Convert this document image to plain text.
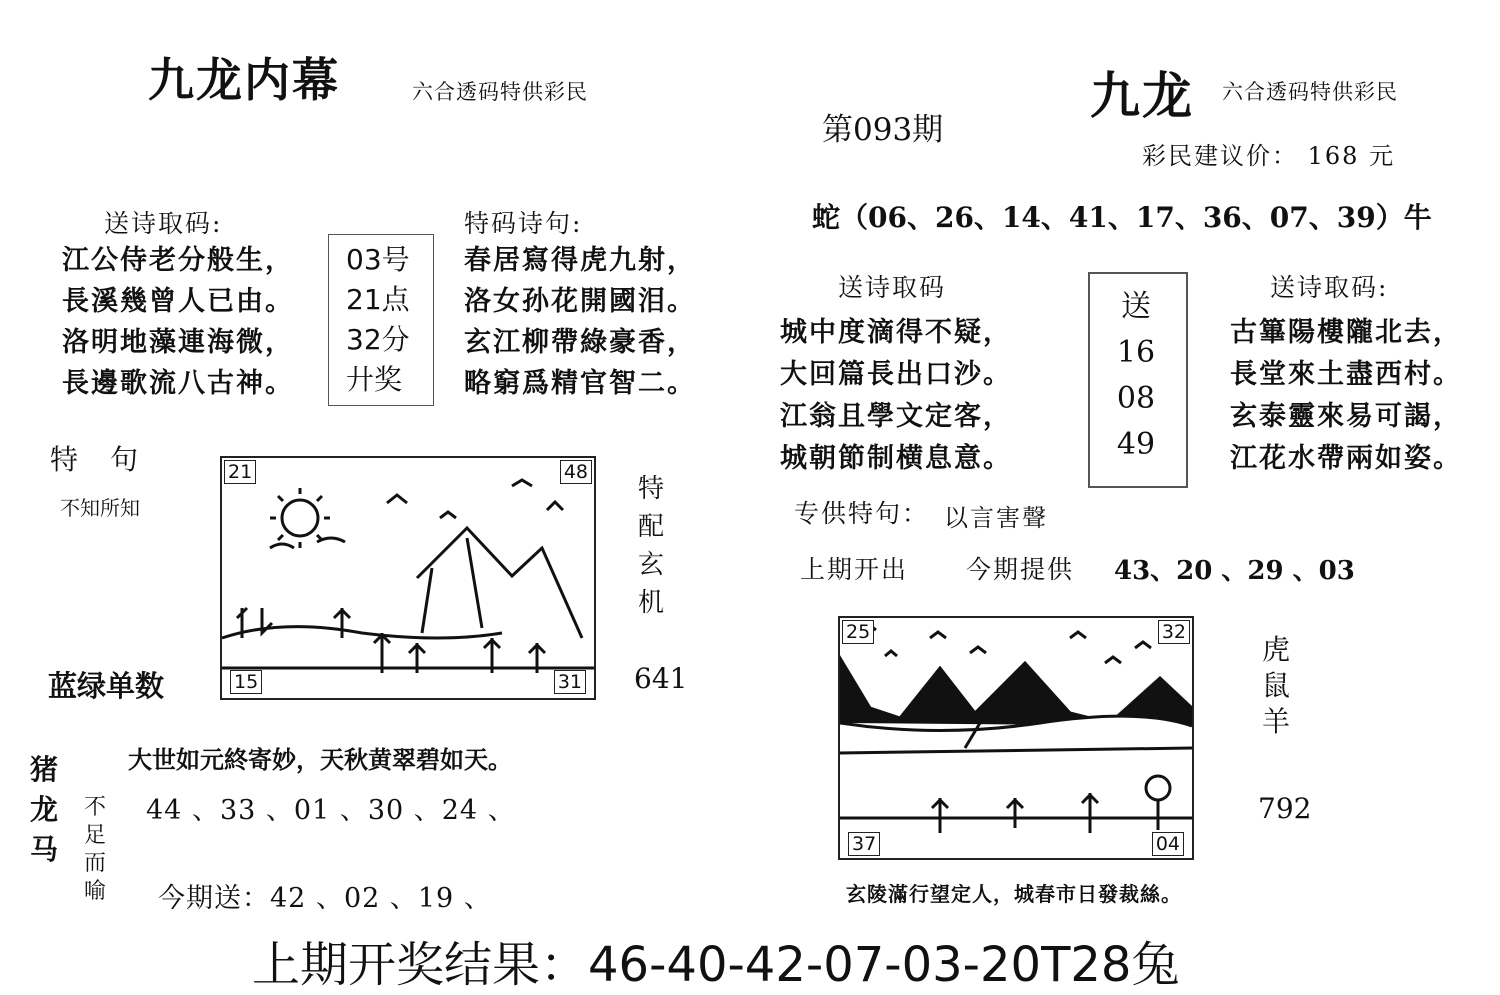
九龙内幕	六合透码特供彩民
送诗取码:
江公侍老分般生，
長溪幾曾人已由。
洛明地藻連海微，
長邊歌流八古神。
03号
21点
32分
廾奖
特码诗句:
春居寫得虎九射，
洛女孙花開國泪。
玄江柳帶綠豪香，
略窮爲精官智二。
特　句
不知所知
21	48
15	31
特
配
玄
机
蓝绿单数	641
大世如元終寄妙，天秋黄翠碧如天。
猪
龙
马
不
足
而
喻
44 、33 、01 、30 、24 、
今期送：42 、02 、19 、
第093期
九龙 六合透码特供彩民
彩民建议价： 168 元
蛇（06、26、14、41、17、36、07、39）牛
送诗取码
城中度滴得不疑，
大回篇長出口沙。
江翁且學文定客，
城朝節制横息意。
送
16
08
49
送诗取码:
古篳陽樓隴北去，
長堂來土盡西村。
玄泰靈來易可謁，
江花水帶兩如姿。
专供特句： 以言害聲
上期开出 今期提供 43、20 、29 、03
25	32
37	04
虎
鼠
羊
792
玄陵滿行望定人，城春市日發裁絲。
上期开奖结果：46-40-42-07-03-20T28兔
